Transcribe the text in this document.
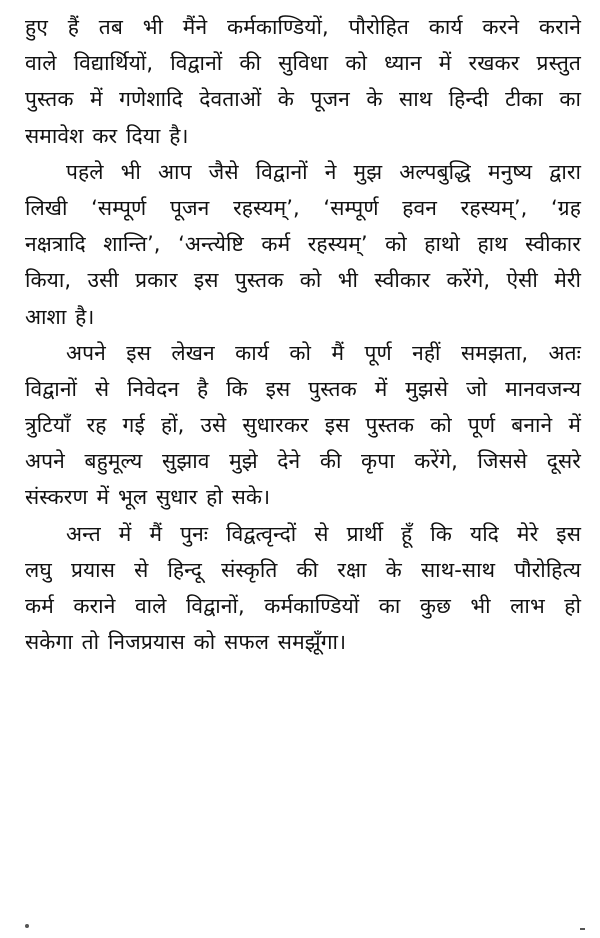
हुए हैं तब भी मैंने कर्मकाण्डियों, पौरोहित कार्य करने कराने
वाले विद्यार्थियों, विद्वानों की सुविधा को ध्यान में रखकर प्रस्तुत
पुस्तक में गणेशादि देवताओं के पूजन के साथ हिन्दी टीका का
समावेश कर दिया है।
पहले भी आप जैसे विद्वानों ने मुझ अल्पबुद्धि मनुष्य द्वारा
लिखी ‘सम्पूर्ण पूजन रहस्यम्’, ‘सम्पूर्ण हवन रहस्यम्’, ‘ग्रह
नक्षत्रादि शान्ति’, ‘अन्त्येष्टि कर्म रहस्यम्’ को हाथो हाथ स्वीकार
किया, उसी प्रकार इस पुस्तक को भी स्वीकार करेंगे, ऐसी मेरी
आशा है।
अपने इस लेखन कार्य को मैं पूर्ण नहीं समझता, अतः
विद्वानों से निवेदन है कि इस पुस्तक में मुझसे जो मानवजन्य
त्रुटियाँ रह गई हों, उसे सुधारकर इस पुस्तक को पूर्ण बनाने में
अपने बहुमूल्य सुझाव मुझे देने की कृपा करेंगे, जिससे दूसरे
संस्करण में भूल सुधार हो सके।
अन्त में मैं पुनः विद्वत्वृन्दों से प्रार्थी हूँ कि यदि मेरे इस
लघु प्रयास से हिन्दू संस्कृति की रक्षा के साथ-साथ पौरोहित्य
कर्म कराने वाले विद्वानों, कर्मकाण्डियों का कुछ भी लाभ हो
सकेगा तो निजप्रयास को सफल समझूँगा।
